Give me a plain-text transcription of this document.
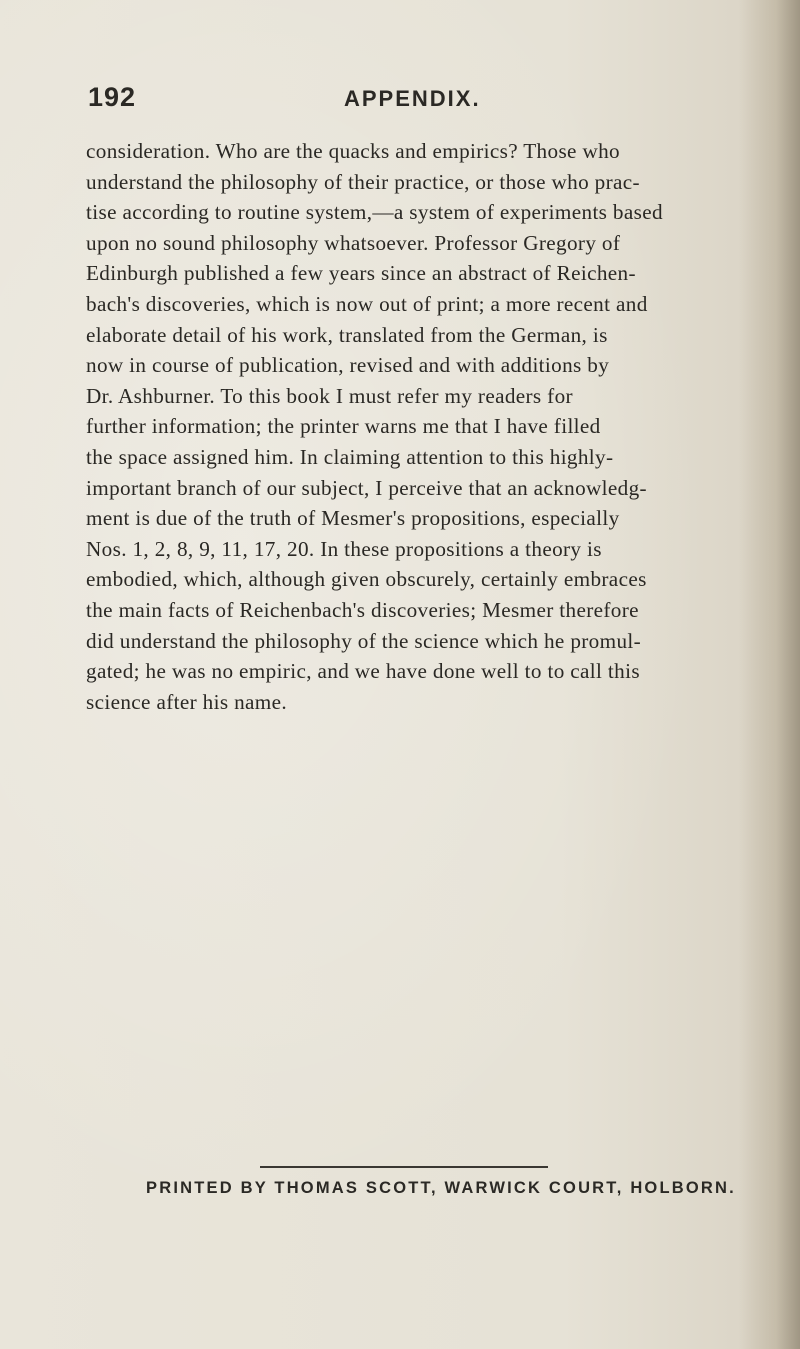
192	APPENDIX.
consideration. Who are the quacks and empirics? Those who
understand the philosophy of their practice, or those who prac-
tise according to routine system,—a system of experiments based
upon no sound philosophy whatsoever. Professor Gregory of
Edinburgh published a few years since an abstract of Reichen-
bach's discoveries, which is now out of print; a more recent and
elaborate detail of his work, translated from the German, is
now in course of publication, revised and with additions by
Dr. Ashburner. To this book I must refer my readers for
further information; the printer warns me that I have filled
the space assigned him. In claiming attention to this highly-
important branch of our subject, I perceive that an acknowledg-
ment is due of the truth of Mesmer's propositions, especially
Nos. 1, 2, 8, 9, 11, 17, 20. In these propositions a theory is
embodied, which, although given obscurely, certainly embraces
the main facts of Reichenbach's discoveries; Mesmer therefore
did understand the philosophy of the science which he promul-
gated; he was no empiric, and we have done well to to call this
science after his name.
PRINTED BY THOMAS SCOTT, WARWICK COURT, HOLBORN.
